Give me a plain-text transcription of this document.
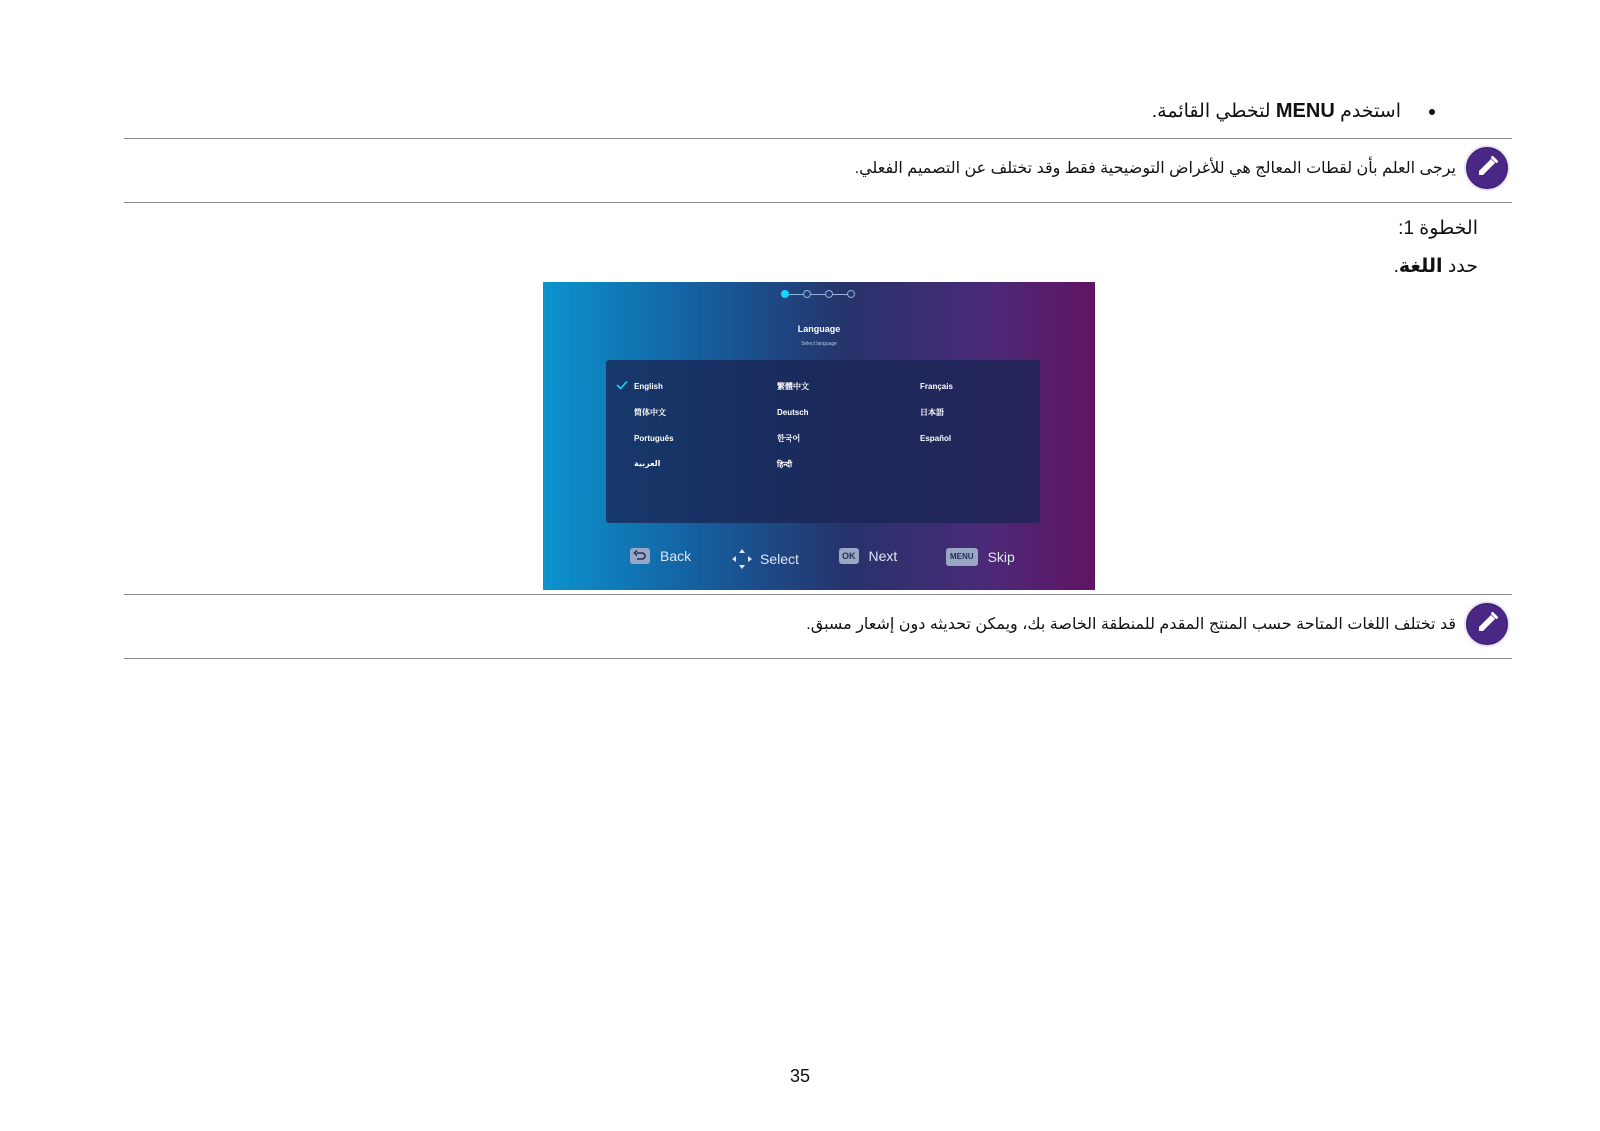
استخدم MENU لتخطي القائمة.
يرجى العلم بأن لقطات المعالج هي للأغراض التوضيحية فقط وقد تختلف عن التصميم الفعلي.
الخطوة 1:
حدد اللغة.
Language
Select language
English	繁體中文	Français
简体中文	Deutsch	日本語
Português	한국어	Español
العربية	हिन्दी
Back	Select	OK Next	MENU Skip
قد تختلف اللغات المتاحة حسب المنتج المقدم للمنطقة الخاصة بك، ويمكن تحديثه دون إشعار مسبق.
35
